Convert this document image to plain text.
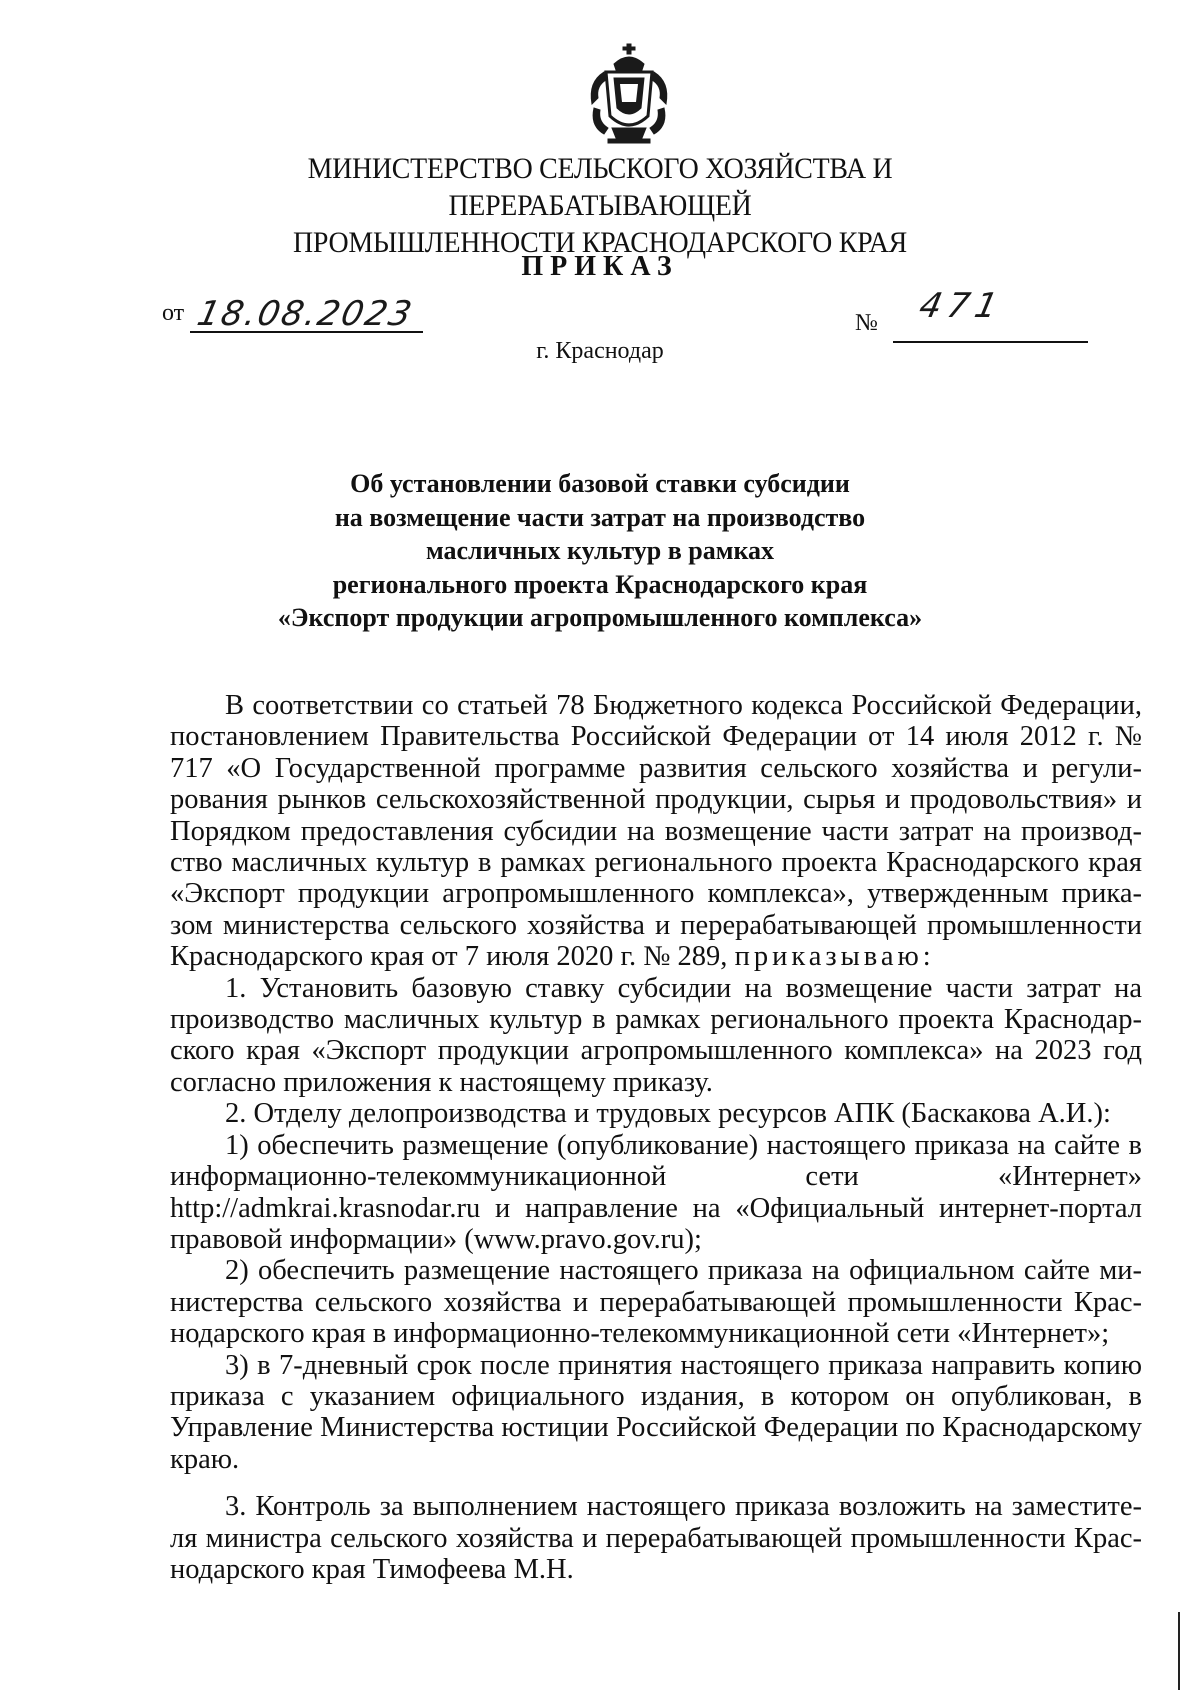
МИНИСТЕРСТВО СЕЛЬСКОГО ХОЗЯЙСТВА И ПЕРЕРАБАТЫВАЮЩЕЙ
ПРОМЫШЛЕННОСТИ КРАСНОДАРСКОГО КРАЯ
ПРИКАЗ
от 18.08.2023	№ 471
г. Краснодар
Об установлении базовой ставки субсидии
на возмещение части затрат на производство
масличных культур в рамках
регионального проекта Краснодарского края
«Экспорт продукции агропромышленного комплекса»

В соответствии со статьей 78 Бюджетного кодекса Российской Федерации, постановлением Правительства Российской Федерации от 14 июля 2012 г. № 717 «О Государственной программе развития сельского хозяйства и регулирования рынков сельскохозяйственной продукции, сырья и продовольствия» и Порядком предоставления субсидии на возмещение части затрат на производство масличных культур в рамках регионального проекта Краснодарского края «Экспорт продукции агропромышленного комплекса», утвержденным приказом министерства сельского хозяйства и перерабатывающей промышленности Краснодарского края от 7 июля 2020 г. № 289, приказываю:

1. Установить базовую ставку субсидии на возмещение части затрат на производство масличных культур в рамках регионального проекта Краснодарского края «Экспорт продукции агропромышленного комплекса» на 2023 год согласно приложения к настоящему приказу.

2. Отделу делопроизводства и трудовых ресурсов АПК (Баскакова А.И.):

1) обеспечить размещение (опубликование) настоящего приказа на сайте в информационно-телекоммуникационной сети «Интернет» http://admkrai.krasnodar.ru и направление на «Официальный интернет-портал правовой информации» (www.pravo.gov.ru);

2) обеспечить размещение настоящего приказа на официальном сайте министерства сельского хозяйства и перерабатывающей промышленности Краснодарского края в информационно-телекоммуникационной сети «Интернет»;

3) в 7-дневный срок после принятия настоящего приказа направить копию приказа с указанием официального издания, в котором он опубликован, в Управление Министерства юстиции Российской Федерации по Краснодарскому краю.

3. Контроль за выполнением настоящего приказа возложить на заместителя министра сельского хозяйства и перерабатывающей промышленности Краснодарского края Тимофеева М.Н.
